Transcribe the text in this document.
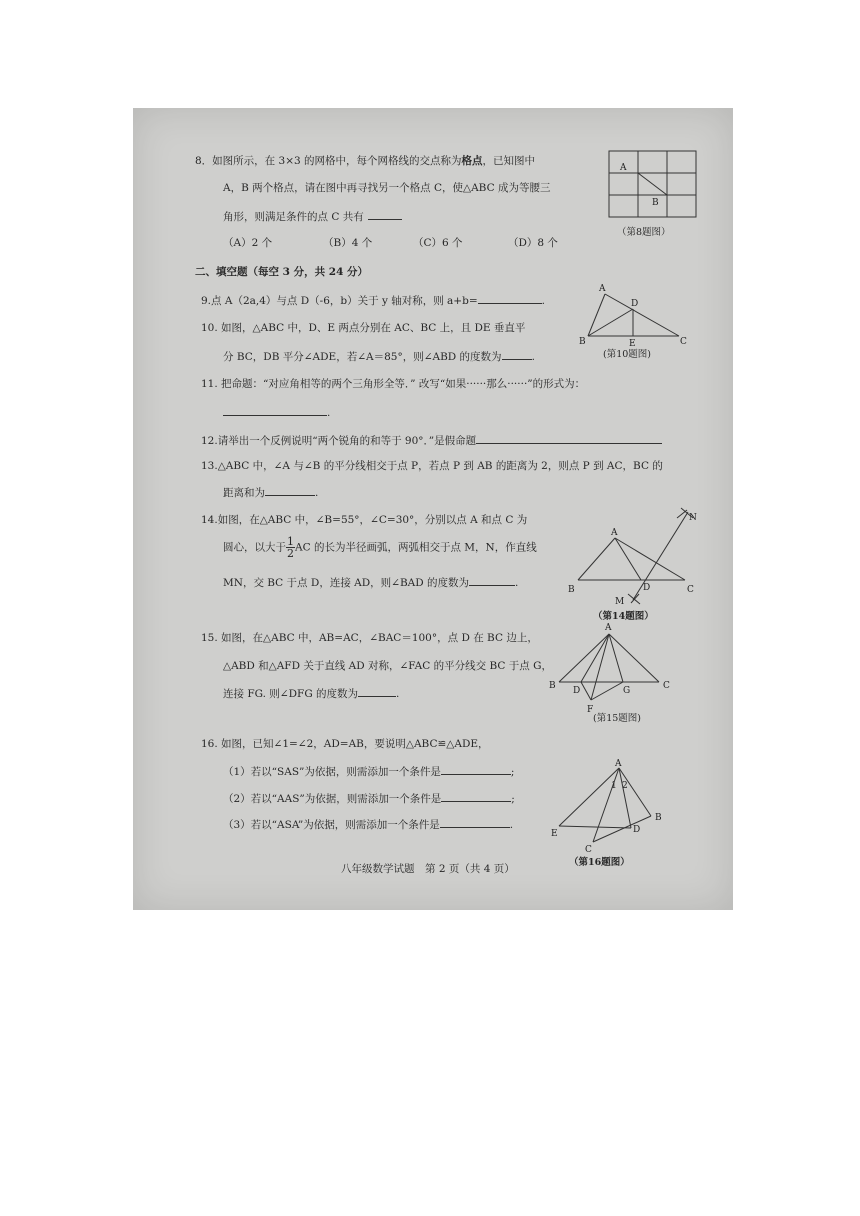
8．如图所示，在 3×3 的网格中，每个网格线的交点称为格点，已知图中
A，B 两个格点，请在图中再寻找另一个格点 C，使△ABC 成为等腰三
角形，则满足条件的点 C 共有
（A）2 个	（B）4 个	（C）6 个	（D）8 个
A
B
（第8题图）
二、填空题（每空 3 分，共 24 分）
9.点 A（2a,4）与点 D（-6，b）关于 y 轴对称，则 a+b=	.
10. 如图，△ABC 中，D、E 两点分别在 AC、BC 上，且 DE 垂直平
分 BC，DB 平分∠ADE，若∠A＝85°，则∠ABD 的度数为	.
A
D
B	E	C
(第10题图)
11. 把命题：“对应角相等的两个三角形全等．” 改写“如果······那么······”的形式为：
.
12.请举出一个反例说明“两个锐角的和等于 90°．”是假命题
13.△ABC 中，∠A 与∠B 的平分线相交于点 P，若点 P 到 AB 的距离为 2，则点 P 到 AC，BC 的
距离和为	.
14.如图，在△ABC 中，∠B=55°，∠C=30°，分别以点 A 和点 C 为
圆心，以大于 $\frac{1}{2}$ AC 的长为半径画弧，两弧相交于点 M，N，作直线
MN，交 BC 于点 D，连接 AD，则∠BAD 的度数为	.
N
A
B	D	C
M
（第14题图）
15. 如图，在△ABC 中，AB=AC，∠BAC＝100°，点 D 在 BC 边上，
△ABD 和△AFD 关于直线 AD 对称，∠FAC 的平分线交 BC 于点 G，
连接 FG. 则∠DFG 的度数为	.
A
B D	G	C
F
(第15题图)
16. 如图，已知∠1=∠2，AD=AB，要说明△ABC≌△ADE，
（1）若以“SAS”为依据，则需添加一个条件是	;
（2）若以“AAS”为依据，则需添加一个条件是	;
（3）若以“ASA”为依据，则需添加一个条件是	.
A
1 2
E	D
B
C
（第16题图）
八年级数学试题　第 2 页（共 4 页）
